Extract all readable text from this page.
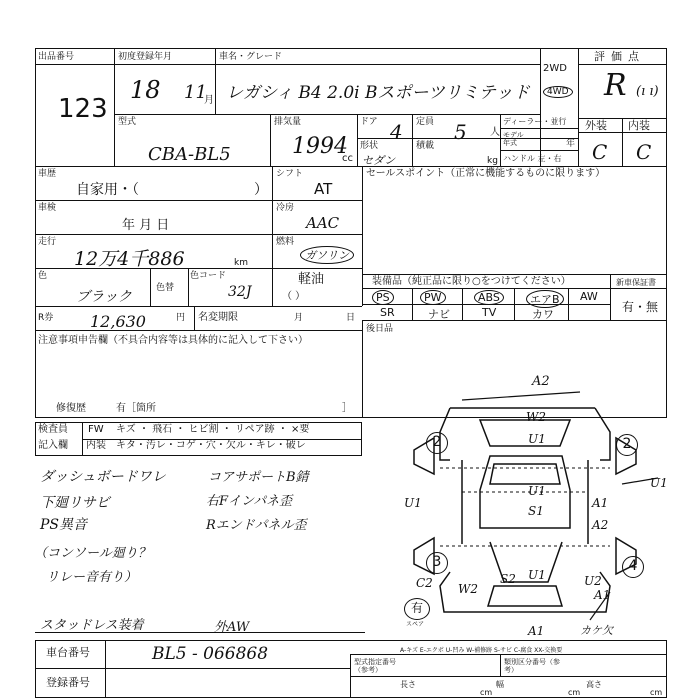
出品番号
123
初度登録年月
18 11
月
車名・グレード
レガシィ B4 2.0i Bスポーツリミテッド
2WD
4WD
評価点
R (ı ı)
型式
CBA-BL5
排気量
1994
cc
ドア 4 定員 5 人
ディーラー・並行
モデル年式	年
ハンドル 左・右
形状
セダン
積載
kg
外装 内装
C C
車歴
自家用・（	）
シフト
AT
車検
年 月 日
冷房
AAC
走行
12万4千886	km
燃料
ガソリン
軽油
（ ）
色
ブラック
色替
色コード
32J
セールスポイント（正常に機能するものに限ります）
装備品（純正品に限り○をつけてください）	新車保証書
有・無
PS	PW	ABS	エアB	AW
SR	ナビ	TV	カワ
後日品
R券 12,630	円 名変期限	月	日
注意事項申告欄（不具合内容等は具体的に記入して下さい）
修復歴	有［箇所	］
検査員
記入欄
FW
内装
キズ ・ 飛石 ・ ヒビ割 ・ リペア跡 ・ ×要
キタ・汚レ・コゲ・穴・欠ル・キレ・破レ
ダッシュボードワレ
下廻リサビ
PS異音
（コンソール廻り？
リレー音有り）
コアサポートB錆
右Fインパネ歪
Rエンドパネル歪
スタッドレス装着	外AW
A2
W2
U1
U1
U1
A1
A2
S1
U1
U1
C2 W2
S2	U2
A1
A1	カケ欠
2	2
3	4
有
スペア
A-キズ E-エクボ U-凹み W-補修跡 S-サビ C-腐食 XX-交換要
車台番号	BL5 - 066868
登録番号
型式指定番号（参考）
類別区分番号（参考）
長さ
cm
幅
cm
高さ
cm
